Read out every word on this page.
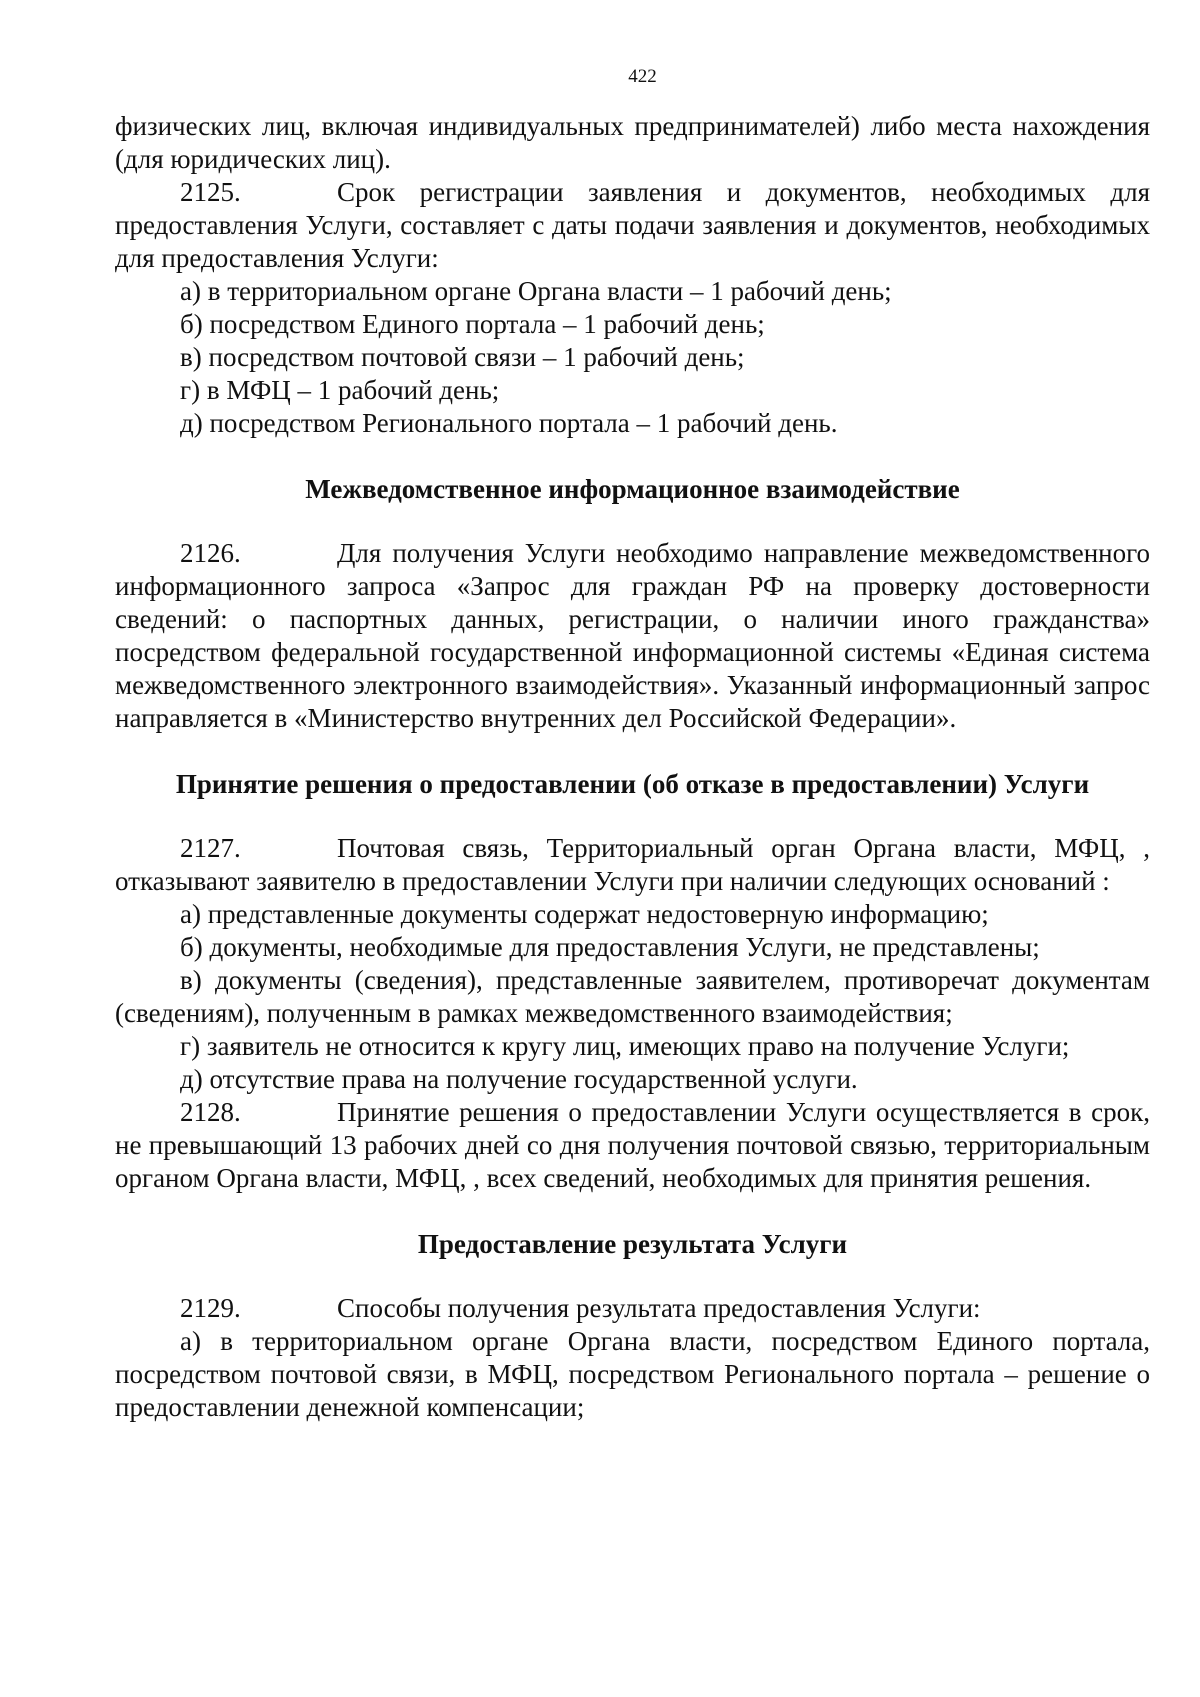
422

физических лиц, включая индивидуальных предпринимателей) либо места нахождения (для юридических лиц).

2125.	Срок регистрации заявления и документов, необходимых для предоставления Услуги, составляет с даты подачи заявления и документов, необходимых для предоставления Услуги:

а) в территориальном органе Органа власти – 1 рабочий день;

б) посредством Единого портала – 1 рабочий день;

в) посредством почтовой связи – 1 рабочий день;

г) в МФЦ – 1 рабочий день;

д) посредством Регионального портала – 1 рабочий день.

Межведомственное информационное взаимодействие

2126.	Для получения Услуги необходимо направление межведомственного информационного запроса «Запрос для граждан РФ на проверку достоверности сведений: о паспортных данных, регистрации, о наличии иного гражданства» посредством федеральной государственной информационной системы «Единая система межведомственного электронного взаимодействия». Указанный информационный запрос направляется в «Министерство внутренних дел Российской Федерации».

Принятие решения о предоставлении (об отказе в предоставлении) Услуги

2127.	Почтовая связь, Территориальный орган Органа власти, МФЦ, , отказывают заявителю в предоставлении Услуги при наличии следующих оснований :

а) представленные документы содержат недостоверную информацию;

б) документы, необходимые для предоставления Услуги, не представлены;

в) документы (сведения), представленные заявителем, противоречат документам (сведениям), полученным в рамках межведомственного взаимодействия;

г) заявитель не относится к кругу лиц, имеющих право на получение Услуги;

д) отсутствие права на получение государственной услуги.

2128.	Принятие решения о предоставлении Услуги осуществляется в срок, не превышающий 13 рабочих дней со дня получения почтовой связью, территориальным органом Органа власти, МФЦ, , всех сведений, необходимых для принятия решения.

Предоставление результата Услуги

2129.	Способы получения результата предоставления Услуги:

а) в территориальном органе Органа власти, посредством Единого портала, посредством почтовой связи, в МФЦ, посредством Регионального портала – решение о предоставлении денежной компенсации;
